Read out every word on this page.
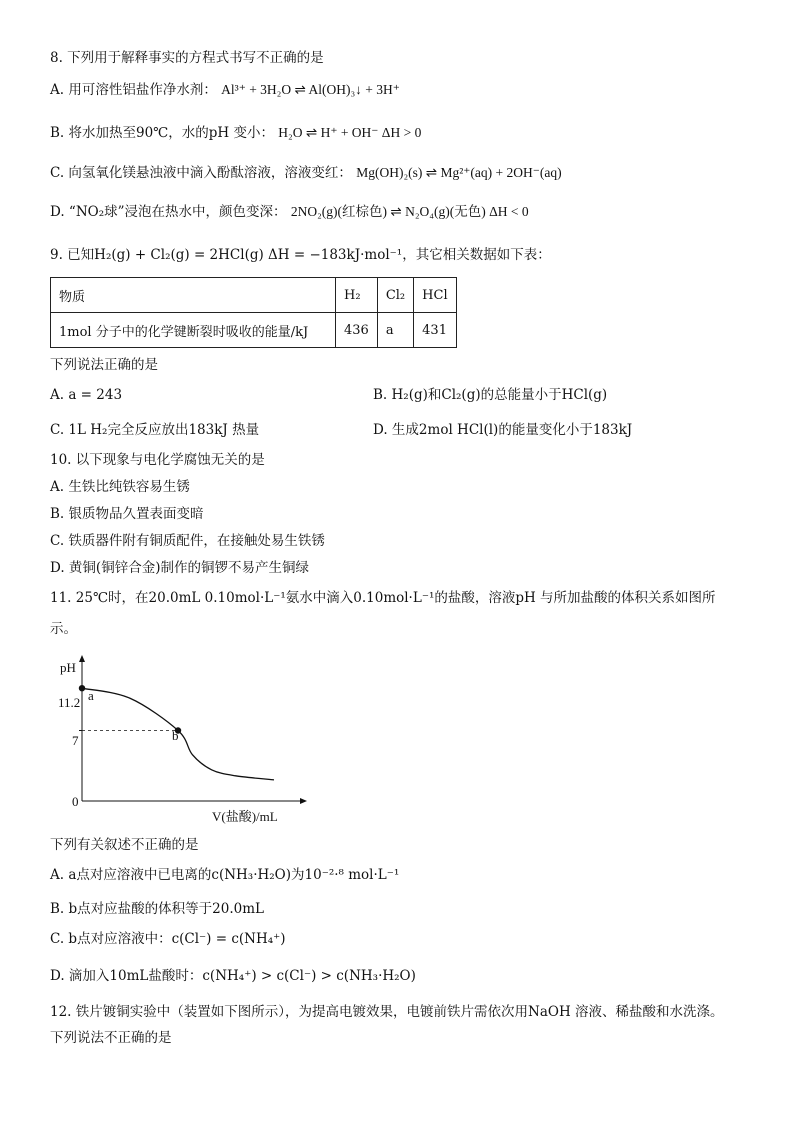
8. 下列用于解释事实的方程式书写不正确的是
A. 用可溶性铝盐作净水剂： Al³⁺ + 3H₂O ⇌ Al(OH)₃↓ + 3H⁺
B. 将水加热至90℃，水的pH 变小： H₂O ⇌ H⁺ + OH⁻ ΔH > 0
C. 向氢氧化镁悬浊液中滴入酚酞溶液，溶液变红： Mg(OH)₂(s) ⇌ Mg²⁺(aq) + 2OH⁻(aq)
D. “NO₂球”浸泡在热水中，颜色变深： 2NO₂(g)(红棕色) ⇌ N₂O₄(g)(无色) ΔH < 0
9. 已知H₂(g) + Cl₂(g) = 2HCl(g) ΔH = −183kJ·mol⁻¹，其它相关数据如下表：
物质	H₂	Cl₂	HCl
1mol 分子中的化学键断裂时吸收的能量/kJ	436	a	431
下列说法正确的是
A. a = 243	B. H₂(g)和Cl₂(g)的总能量小于HCl(g)
C. 1L H₂完全反应放出183kJ 热量	D. 生成2mol HCl(l)的能量变化小于183kJ
10. 以下现象与电化学腐蚀无关的是
A. 生铁比纯铁容易生锈
B. 银质物品久置表面变暗
C. 铁质器件附有铜质配件，在接触处易生铁锈
D. 黄铜(铜锌合金)制作的铜锣不易产生铜绿
11. 25℃时，在20.0mL 0.10mol·L⁻¹氨水中滴入0.10mol·L⁻¹的盐酸，溶液pH 与所加盐酸的体积关系如图所
示。
pH
11.2
7
0
a
b
V(盐酸)/mL
下列有关叙述不正确的是
A. a点对应溶液中已电离的c(NH₃·H₂O)为10⁻²·⁸ mol·L⁻¹
B. b点对应盐酸的体积等于20.0mL
C. b点对应溶液中：c(Cl⁻) = c(NH₄⁺)
D. 滴加入10mL盐酸时：c(NH₄⁺) > c(Cl⁻) > c(NH₃·H₂O)
12. 铁片镀铜实验中（装置如下图所示），为提高电镀效果，电镀前铁片需依次用NaOH 溶液、稀盐酸和水洗涤。
下列说法不正确的是
